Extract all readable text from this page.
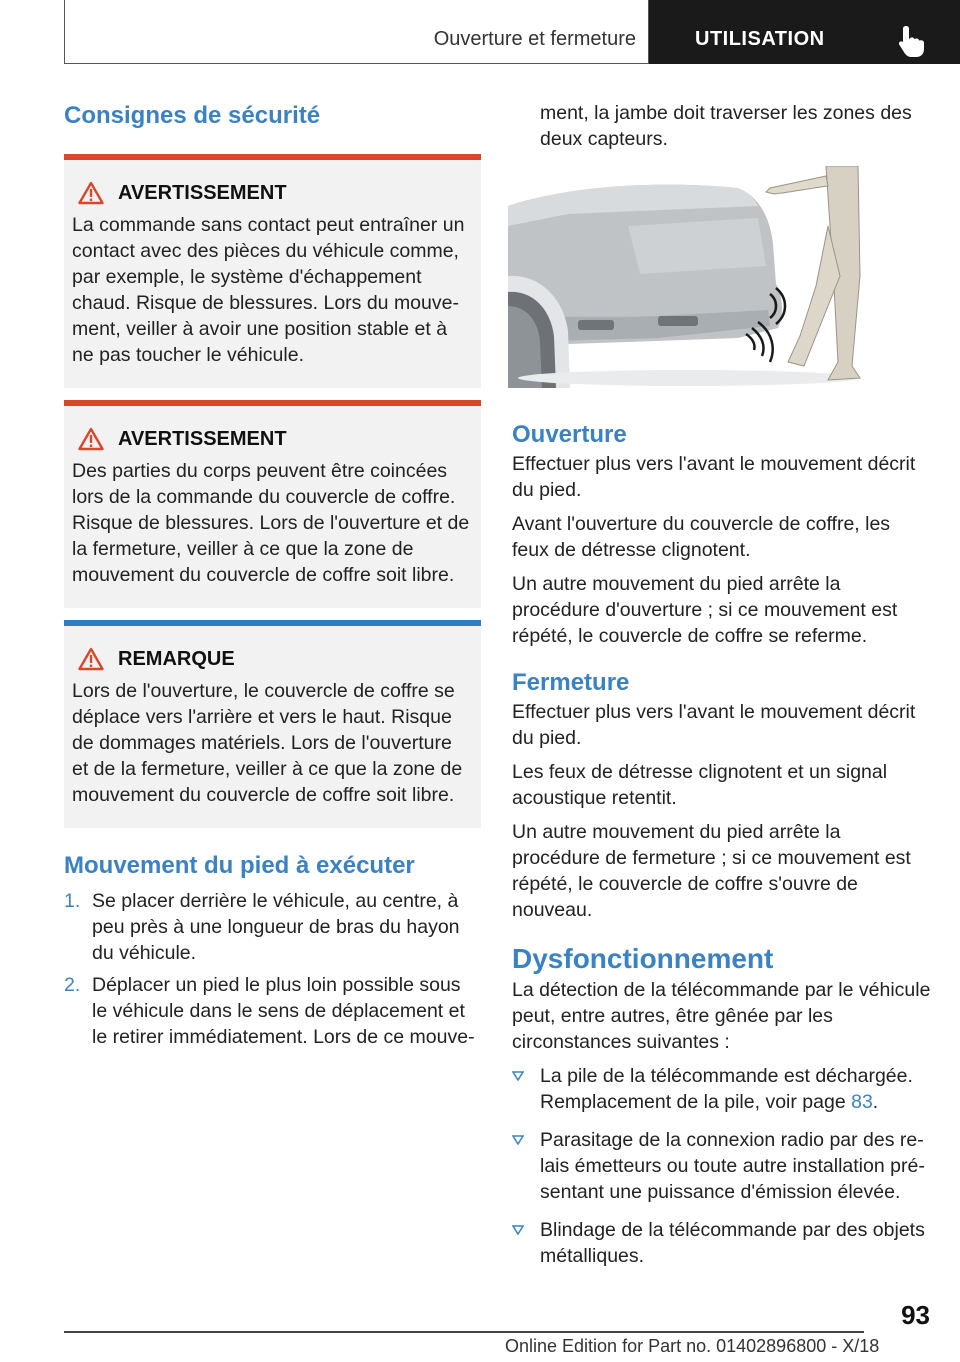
Ouverture et fermeture	UTILISATION
Consignes de sécurité
AVERTISSEMENT

La commande sans contact peut entraîner un contact avec des pièces du véhicule comme, par exemple, le système d'échappement chaud. Risque de blessures. Lors du mouvement, veiller à avoir une position stable et à ne pas toucher le véhicule.

AVERTISSEMENT

Des parties du corps peuvent être coincées lors de la commande du couvercle de coffre. Risque de blessures. Lors de l'ouverture et de la fermeture, veiller à ce que la zone de mouvement du couvercle de coffre soit libre.

REMARQUE

Lors de l'ouverture, le couvercle de coffre se déplace vers l'arrière et vers le haut. Risque de dommages matériels. Lors de l'ouverture et de la fermeture, veiller à ce que la zone de mouvement du couvercle de coffre soit libre.

Mouvement du pied à exécuter
1. Se placer derrière le véhicule, au centre, à peu près à une longueur de bras du hayon du véhicule.
2. Déplacer un pied le plus loin possible sous le véhicule dans le sens de déplacement et le retirer immédiatement. Lors de ce mouve-

ment, la jambe doit traverser les zones des deux capteurs.

Ouverture

Effectuer plus vers l'avant le mouvement décrit du pied.

Avant l'ouverture du couvercle de coffre, les feux de détresse clignotent.

Un autre mouvement du pied arrête la procédure d'ouverture ; si ce mouvement est répété, le couvercle de coffre se referme.

Fermeture

Effectuer plus vers l'avant le mouvement décrit du pied.

Les feux de détresse clignotent et un signal acoustique retentit.

Un autre mouvement du pied arrête la procédure de fermeture ; si ce mouvement est répété, le couvercle de coffre s'ouvre de nouveau.

Dysfonctionnement

La détection de la télécommande par le véhicule peut, entre autres, être gênée par les circonstances suivantes :

La pile de la télécommande est déchargée. Remplacement de la pile, voir page 83.
Parasitage de la connexion radio par des relais émetteurs ou toute autre installation présentant une puissance d'émission élevée.
Blindage de la télécommande par des objets métalliques.
93
Online Edition for Part no. 01402896800 - X/18
